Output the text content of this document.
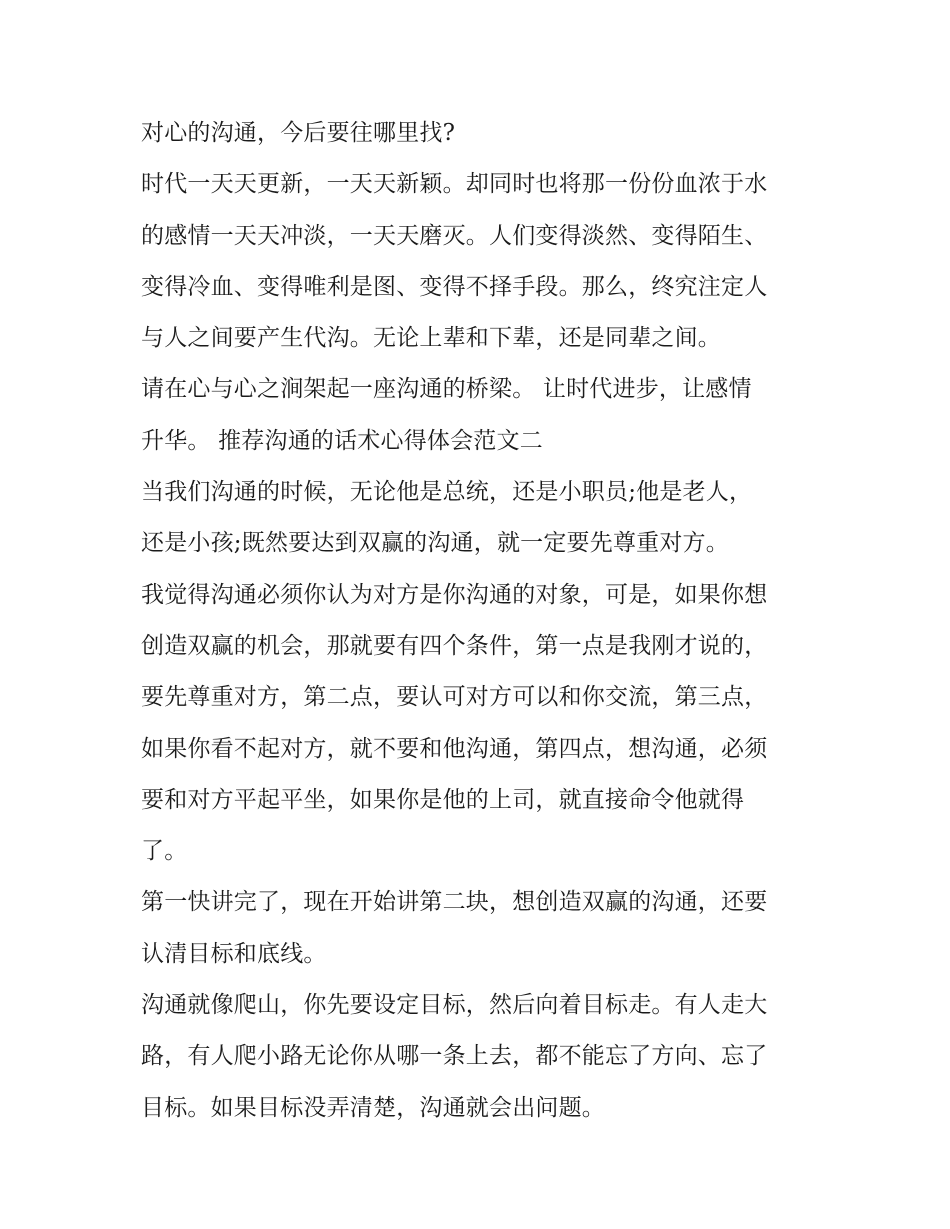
对心的沟通，今后要往哪里找?

时代一天天更新，一天天新颖。却同时也将那一份份血浓于水
的感情一天天冲淡，一天天磨灭。人们变得淡然、变得陌生、
变得冷血、变得唯利是图、变得不择手段。那么，终究注定人
与人之间要产生代沟。无论上辈和下辈，还是同辈之间。

请在心与心之涧架起一座沟通的桥梁。 让时代进步，让感情
升华。 推荐沟通的话术心得体会范文二

当我们沟通的时候，无论他是总统，还是小职员;他是老人，
还是小孩;既然要达到双赢的沟通，就一定要先尊重对方。

我觉得沟通必须你认为对方是你沟通的对象，可是，如果你想
创造双赢的机会，那就要有四个条件，第一点是我刚才说的，
要先尊重对方，第二点，要认可对方可以和你交流，第三点，
如果你看不起对方，就不要和他沟通，第四点，想沟通，必须
要和对方平起平坐，如果你是他的上司，就直接命令他就得
了。

第一快讲完了，现在开始讲第二块，想创造双赢的沟通，还要
认清目标和底线。

沟通就像爬山，你先要设定目标，然后向着目标走。有人走大
路，有人爬小路无论你从哪一条上去，都不能忘了方向、忘了
目标。如果目标没弄清楚，沟通就会出问题。
